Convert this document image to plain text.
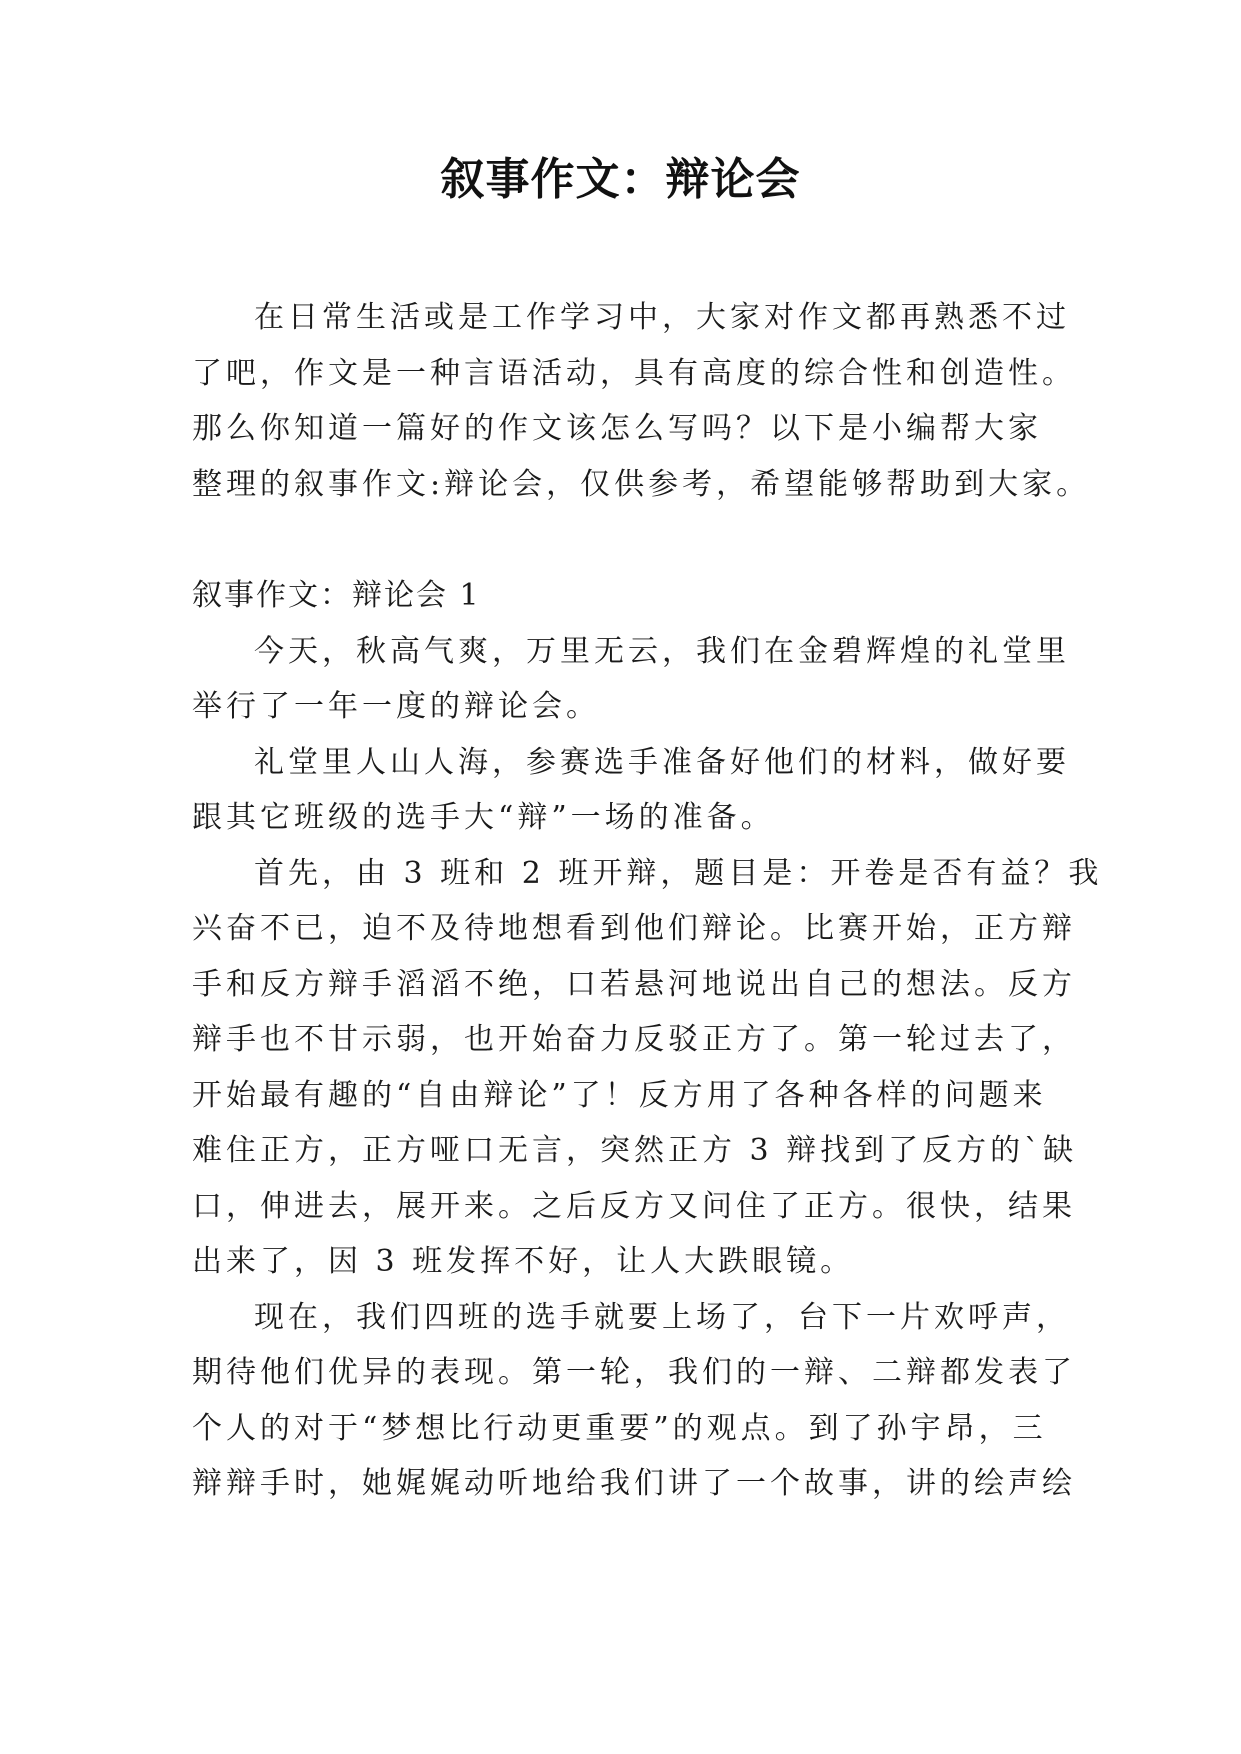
叙事作文：辩论会
在日常生活或是工作学习中，大家对作文都再熟悉不过
了吧，作文是一种言语活动，具有高度的综合性和创造性。
那么你知道一篇好的作文该怎么写吗？以下是小编帮大家
整理的叙事作文:辩论会，仅供参考，希望能够帮助到大家。
叙事作文：辩论会 1
今天，秋高气爽，万里无云，我们在金碧辉煌的礼堂里
举行了一年一度的辩论会。
礼堂里人山人海，参赛选手准备好他们的材料，做好要
跟其它班级的选手大“辩”一场的准备。
首先，由 3 班和 2 班开辩，题目是：开卷是否有益？我
兴奋不已，迫不及待地想看到他们辩论。比赛开始，正方辩
手和反方辩手滔滔不绝，口若悬河地说出自己的想法。反方
辩手也不甘示弱，也开始奋力反驳正方了。第一轮过去了，
开始最有趣的“自由辩论”了！反方用了各种各样的问题来
难住正方，正方哑口无言，突然正方 3 辩找到了反方的`缺
口，伸进去，展开来。之后反方又问住了正方。很快，结果
出来了，因 3 班发挥不好，让人大跌眼镜。
现在，我们四班的选手就要上场了，台下一片欢呼声，
期待他们优异的表现。第一轮，我们的一辩、二辩都发表了
个人的对于“梦想比行动更重要”的观点。到了孙宇昂，三
辩辩手时，她娓娓动听地给我们讲了一个故事，讲的绘声绘
